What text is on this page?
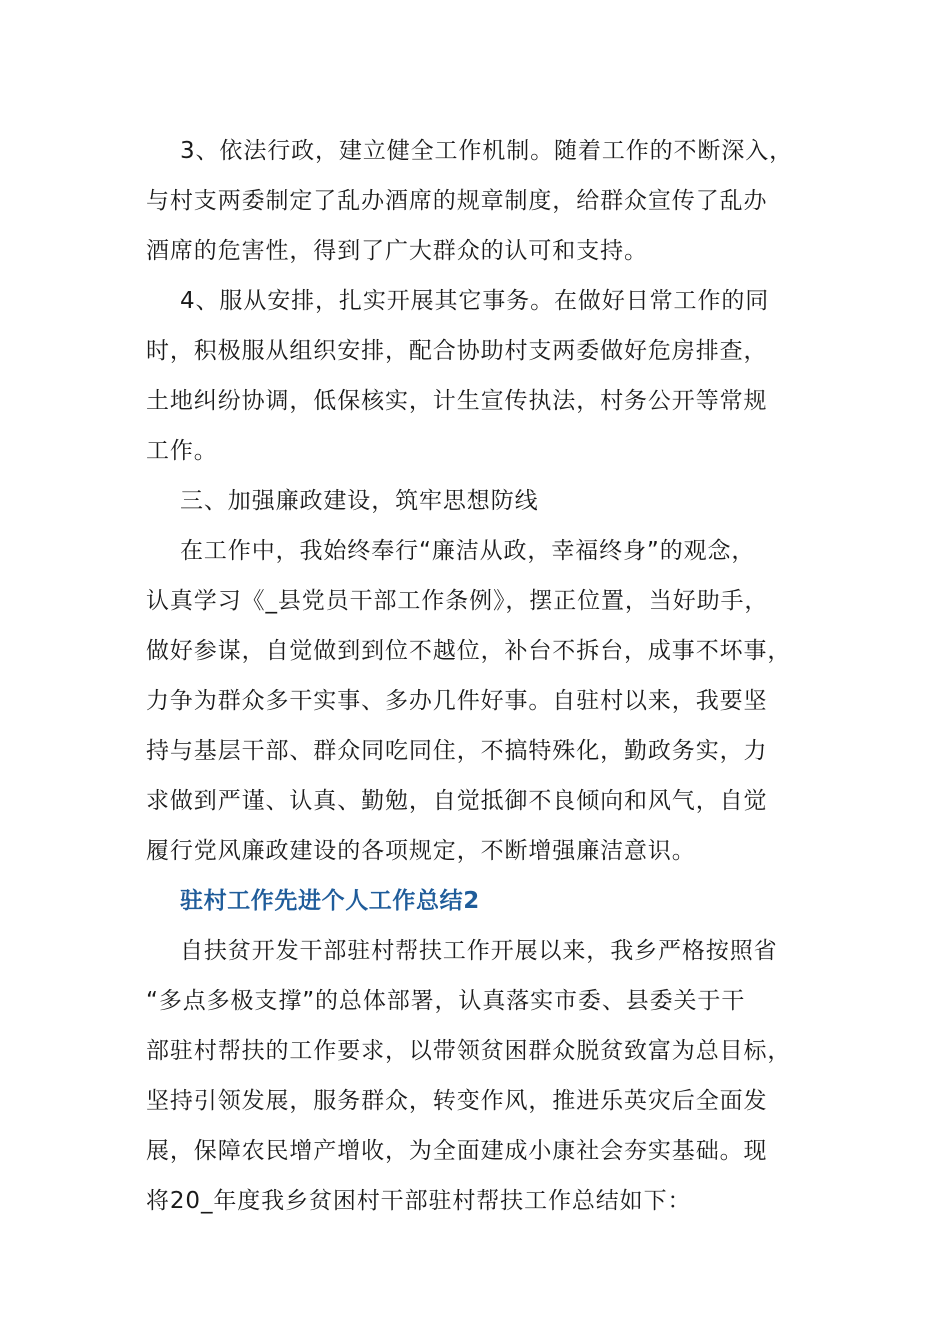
3、依法行政，建立健全工作机制。随着工作的不断深入，
与村支两委制定了乱办酒席的规章制度，给群众宣传了乱办
酒席的危害性，得到了广大群众的认可和支持。
4、服从安排，扎实开展其它事务。在做好日常工作的同
时，积极服从组织安排，配合协助村支两委做好危房排查，
土地纠纷协调，低保核实，计生宣传执法，村务公开等常规
工作。
三、加强廉政建设，筑牢思想防线
在工作中，我始终奉行“廉洁从政，幸福终身”的观念，
认真学习《_县党员干部工作条例》，摆正位置，当好助手，
做好参谋，自觉做到到位不越位，补台不拆台，成事不坏事，
力争为群众多干实事、多办几件好事。自驻村以来，我要坚
持与基层干部、群众同吃同住，不搞特殊化，勤政务实，力
求做到严谨、认真、勤勉，自觉抵御不良倾向和风气，自觉
履行党风廉政建设的各项规定，不断增强廉洁意识。
驻村工作先进个人工作总结2
自扶贫开发干部驻村帮扶工作开展以来，我乡严格按照省
“多点多极支撑”的总体部署，认真落实市委、县委关于干
部驻村帮扶的工作要求，以带领贫困群众脱贫致富为总目标，
坚持引领发展，服务群众，转变作风，推进乐英灾后全面发
展，保障农民增产增收，为全面建成小康社会夯实基础。现
将20_年度我乡贫困村干部驻村帮扶工作总结如下：
